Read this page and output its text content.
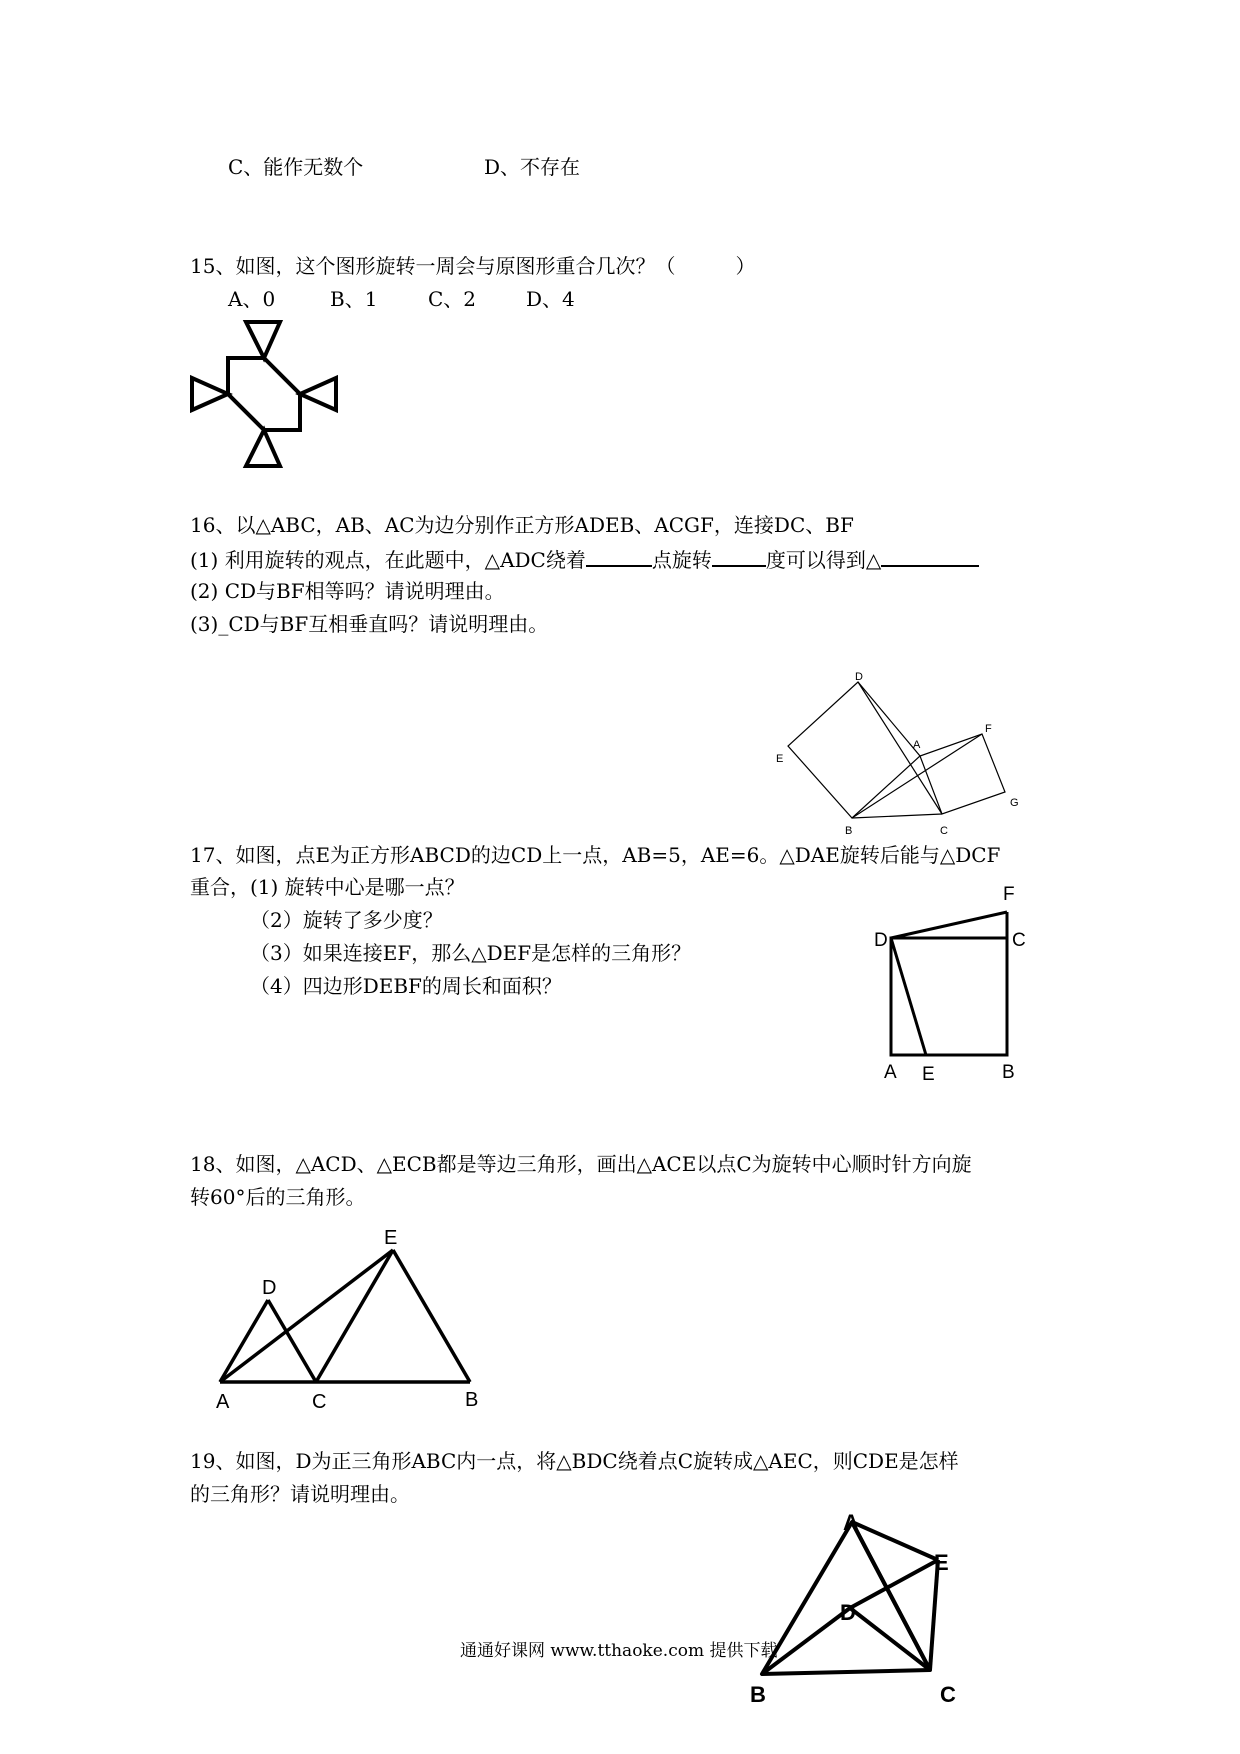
C、能作无数个	D、不存在
15、如图，这个图形旋转一周会与原图形重合几次？（　　　）
A、0	B、1	C、2 D、4
16、以△ABC，AB、AC为边分别作正方形ADEB、ACGF，连接DC、BF
(1) 利用旋转的观点，在此题中，△ADC绕着	点旋转	度可以得到△
(2) CD与BF相等吗？请说明理由。
(3)_CD与BF互相垂直吗？请说明理由。
D
E
A
F
G
B	C
17、如图，点E为正方形ABCD的边CD上一点，AB=5，AE=6。△DAE旋转后能与△DCF
重合，(1) 旋转中心是哪一点？
（2）旋转了多少度？
（3）如果连接EF，那么△DEF是怎样的三角形？
（4）四边形DEBF的周长和面积？
F
D	C
A E	B
18、如图，△ACD、△ECB都是等边三角形，画出△ACE以点C为旋转中心顺时针方向旋
转60°后的三角形。
E
D
A	C	B
19、如图，D为正三角形ABC内一点，将△BDC绕着点C旋转成△AEC，则CDE是怎样
的三角形？请说明理由。
A
E
D
B	C
通通好课网 www.tthaoke.com 提供下载
